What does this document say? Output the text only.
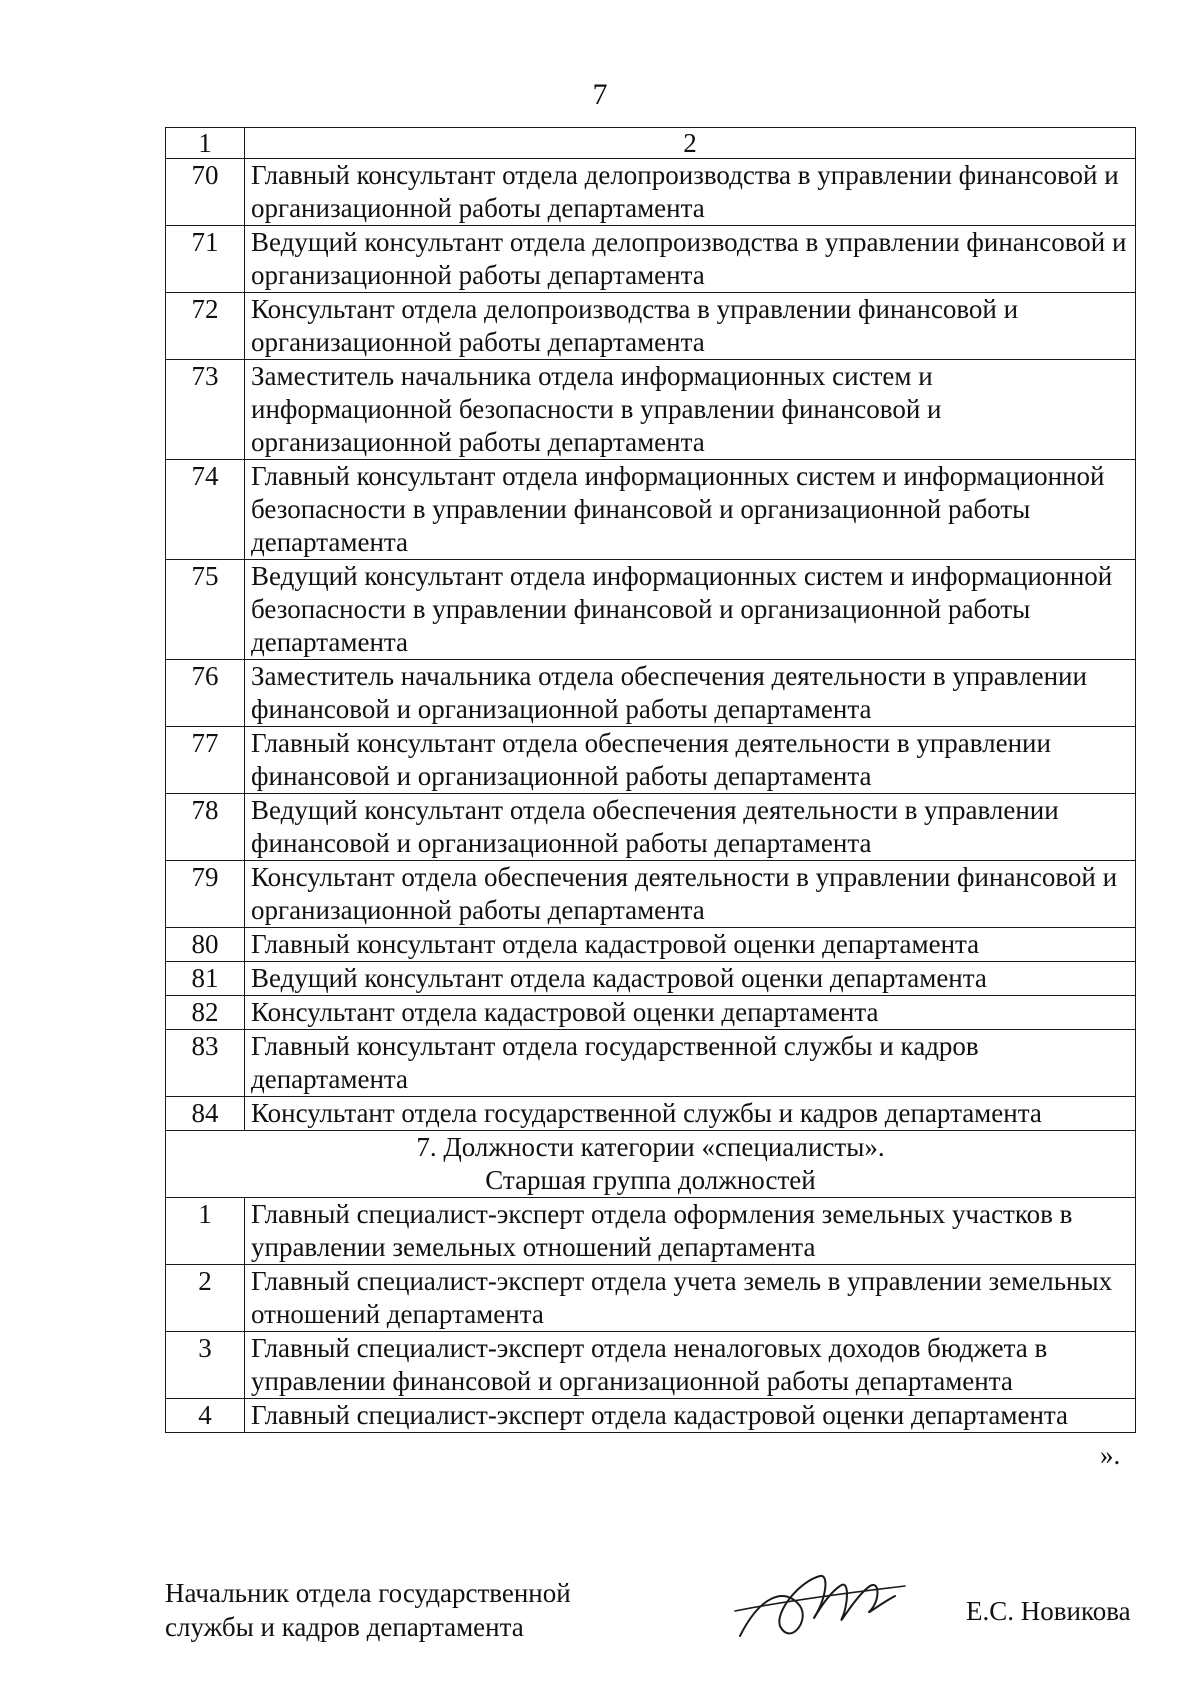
7
1	2
70	Главный консультант отдела делопроизводства в управлении финансовой и организационной работы департамента
71	Ведущий консультант отдела делопроизводства в управлении финансовой и организационной работы департамента
72	Консультант отдела делопроизводства в управлении финансовой и организационной работы департамента
73	Заместитель начальника отдела информационных систем и информационной безопасности в управлении финансовой и организационной работы департамента
74	Главный консультант отдела информационных систем и информационной безопасности в управлении финансовой и организационной работы департамента
75	Ведущий консультант отдела информационных систем и информационной безопасности в управлении финансовой и организационной работы департамента
76	Заместитель начальника отдела обеспечения деятельности в управлении финансовой и организационной работы департамента
77	Главный консультант отдела обеспечения деятельности в управлении финансовой и организационной работы департамента
78	Ведущий консультант отдела обеспечения деятельности в управлении финансовой и организационной работы департамента
79	Консультант отдела обеспечения деятельности в управлении финансовой и организационной работы департамента
80	Главный консультант отдела кадастровой оценки департамента
81	Ведущий консультант отдела кадастровой оценки департамента
82	Консультант отдела кадастровой оценки департамента
83	Главный консультант отдела государственной службы и кадров департамента
84	Консультант отдела государственной службы и кадров департамента

7. Должности категории «специалисты».
Старшая группа должностей	

1	Главный специалист-эксперт отдела оформления земельных участков в управлении земельных отношений департамента
2	Главный специалист-эксперт отдела учета земель в управлении земельных отношений департамента
3	Главный специалист-эксперт отдела неналоговых доходов бюджета в управлении финансовой и организационной работы департамента
4	Главный специалист-эксперт отдела кадастровой оценки департамента
».
Начальник отдела государственной
службы и кадров департамента
Е.С. Новикова
